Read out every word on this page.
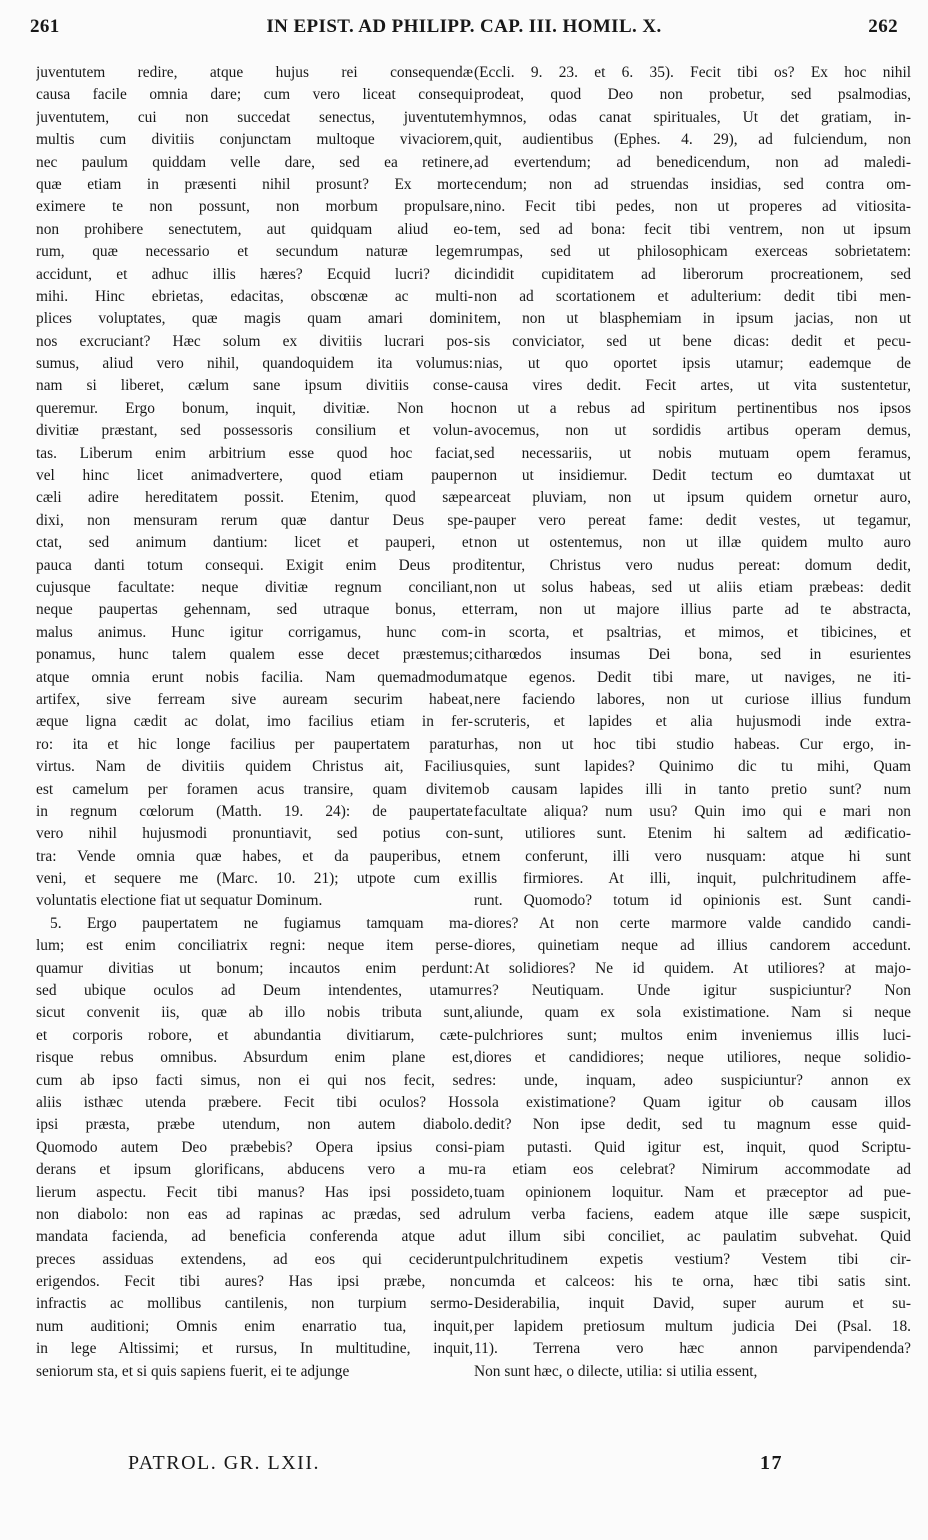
261	IN EPIST. AD PHILIPP. CAP. III. HOMIL. X.	262
juventutem redire, atque hujus rei consequendæ
causa facile omnia dare; cum vero liceat consequi
juventutem, cui non succedat senectus, juventutem
multis cum divitiis conjunctam multoque vivaciorem,
nec paulum quiddam velle dare, sed ea retinere,
quæ etiam in præsenti nihil prosunt? Ex morte
eximere te non possunt, non morbum propulsare,
non prohibere senectutem, aut quidquam aliud eo-
rum, quæ necessario et secundum naturæ legem
accidunt, et adhuc illis hæres? Ecquid lucri? dic
mihi. Hinc ebrietas, edacitas, obscœnæ ac multi-
plices voluptates, quæ magis quam amari domini
nos excruciant? Hæc solum ex divitiis lucrari pos-
sumus, aliud vero nihil, quandoquidem ita volumus:
nam si liberet, cælum sane ipsum divitiis conse-
queremur. Ergo bonum, inquit, divitiæ. Non hoc
divitiæ præstant, sed possessoris consilium et volun-
tas. Liberum enim arbitrium esse quod hoc faciat,
vel hinc licet animadvertere, quod etiam pauper
cæli adire hereditatem possit. Etenim, quod sæpe
dixi, non mensuram rerum quæ dantur Deus spe-
ctat, sed animum dantium: licet et pauperi, et
pauca danti totum consequi. Exigit enim Deus pro
cujusque facultate: neque divitiæ regnum conciliant,
neque paupertas gehennam, sed utraque bonus, et
malus animus. Hunc igitur corrigamus, hunc com-
ponamus, hunc talem qualem esse decet præstemus;
atque omnia erunt nobis facilia. Nam quemadmodum
artifex, sive ferream sive auream securim habeat,
æque ligna cædit ac dolat, imo facilius etiam in fer-
ro: ita et hic longe facilius per paupertatem paratur
virtus. Nam de divitiis quidem Christus ait, Facilius
est camelum per foramen acus transire, quam divitem
in regnum cœlorum (Matth. 19. 24): de paupertate
vero nihil hujusmodi pronuntiavit, sed potius con-
tra: Vende omnia quæ habes, et da pauperibus, et
veni, et sequere me (Marc. 10. 21); utpote cum ex
voluntatis electione fiat ut sequatur Dominum.
5. Ergo paupertatem ne fugiamus tamquam ma-
lum; est enim conciliatrix regni: neque item perse-
quamur divitias ut bonum; incautos enim perdunt:
sed ubique oculos ad Deum intendentes, utamur
sicut convenit iis, quæ ab illo nobis tributa sunt,
et corporis robore, et abundantia divitiarum, cæte-
risque rebus omnibus. Absurdum enim plane est,
cum ab ipso facti simus, non ei qui nos fecit, sed
aliis isthæc utenda præbere. Fecit tibi oculos? Hos
ipsi præsta, præbe utendum, non autem diabolo.
Quomodo autem Deo præbebis? Opera ipsius consi-
derans et ipsum glorificans, abducens vero a mu-
lierum aspectu. Fecit tibi manus? Has ipsi possideto,
non diabolo: non eas ad rapinas ac prædas, sed ad
mandata facienda, ad beneficia conferenda atque ad
preces assiduas extendens, ad eos qui ceciderunt
erigendos. Fecit tibi aures? Has ipsi præbe, non
infractis ac mollibus cantilenis, non turpium sermo-
num auditioni; Omnis enim enarratio tua, inquit,
in lege Altissimi; et rursus, In multitudine, inquit,
seniorum sta, et si quis sapiens fuerit, ei te adjunge
(Eccli. 9. 23. et 6. 35). Fecit tibi os? Ex hoc nihil
prodeat, quod Deo non probetur, sed psalmodias,
hymnos, odas canat spirituales, Ut det gratiam, in-
quit, audientibus (Ephes. 4. 29), ad fulciendum, non
ad evertendum; ad benedicendum, non ad maledi-
cendum; non ad struendas insidias, sed contra om-
nino. Fecit tibi pedes, non ut properes ad vitiosita-
tem, sed ad bona: fecit tibi ventrem, non ut ipsum
rumpas, sed ut philosophicam exerceas sobrietatem:
indidit cupiditatem ad liberorum procreationem, sed
non ad scortationem et adulterium: dedit tibi men-
tem, non ut blasphemiam in ipsum jacias, non ut
sis conviciator, sed ut bene dicas: dedit et pecu-
nias, ut quo oportet ipsis utamur; eademque de
causa vires dedit. Fecit artes, ut vita sustentetur,
non ut a rebus ad spiritum pertinentibus nos ipsos
avocemus, non ut sordidis artibus operam demus,
sed necessariis, ut nobis mutuam opem feramus,
non ut insidiemur. Dedit tectum eo dumtaxat ut
arceat pluviam, non ut ipsum quidem ornetur auro,
pauper vero pereat fame: dedit vestes, ut tegamur,
non ut ostentemus, non ut illæ quidem multo auro
ditentur, Christus vero nudus pereat: domum dedit,
non ut solus habeas, sed ut aliis etiam præbeas: dedit
terram, non ut majore illius parte ad te abstracta,
in scorta, et psaltrias, et mimos, et tibicines, et
citharœdos insumas Dei bona, sed in esurientes
atque egenos. Dedit tibi mare, ut naviges, ne iti-
nere faciendo labores, non ut curiose illius fundum
scruteris, et lapides et alia hujusmodi inde extra-
has, non ut hoc tibi studio habeas. Cur ergo, in-
quies, sunt lapides? Quinimo dic tu mihi, Quam
ob causam lapides illi in tanto pretio sunt? num
facultate aliqua? num usu? Quin imo qui e mari non
sunt, utiliores sunt. Etenim hi saltem ad ædificatio-
nem conferunt, illi vero nusquam: atque hi sunt
illis firmiores. At illi, inquit, pulchritudinem affe-
runt. Quomodo? totum id opinionis est. Sunt candi-
diores? At non certe marmore valde candido candi-
diores, quinetiam neque ad illius candorem accedunt.
At solidiores? Ne id quidem. At utiliores? at majo-
res? Neutiquam. Unde igitur suspiciuntur? Non
aliunde, quam ex sola existimatione. Nam si neque
pulchriores sunt; multos enim inveniemus illis luci-
diores et candidiores; neque utiliores, neque solidio-
res: unde, inquam, adeo suspiciuntur? annon ex
sola existimatione? Quam igitur ob causam illos
dedit? Non ipse dedit, sed tu magnum esse quid-
piam putasti. Quid igitur est, inquit, quod Scriptu-
ra etiam eos celebrat? Nimirum accommodate ad
tuam opinionem loquitur. Nam et præceptor ad pue-
rulum verba faciens, eadem atque ille sæpe suspicit,
ut illum sibi conciliet, ac paulatim subvehat. Quid
pulchritudinem expetis vestium? Vestem tibi cir-
cumda et calceos: his te orna, hæc tibi satis sint.
Desiderabilia, inquit David, super aurum et su-
per lapidem pretiosum multum judicia Dei (Psal. 18.
11). Terrena vero hæc annon parvipendenda?
Non sunt hæc, o dilecte, utilia: si utilia essent,
PATROL. GR. LXII.	17
